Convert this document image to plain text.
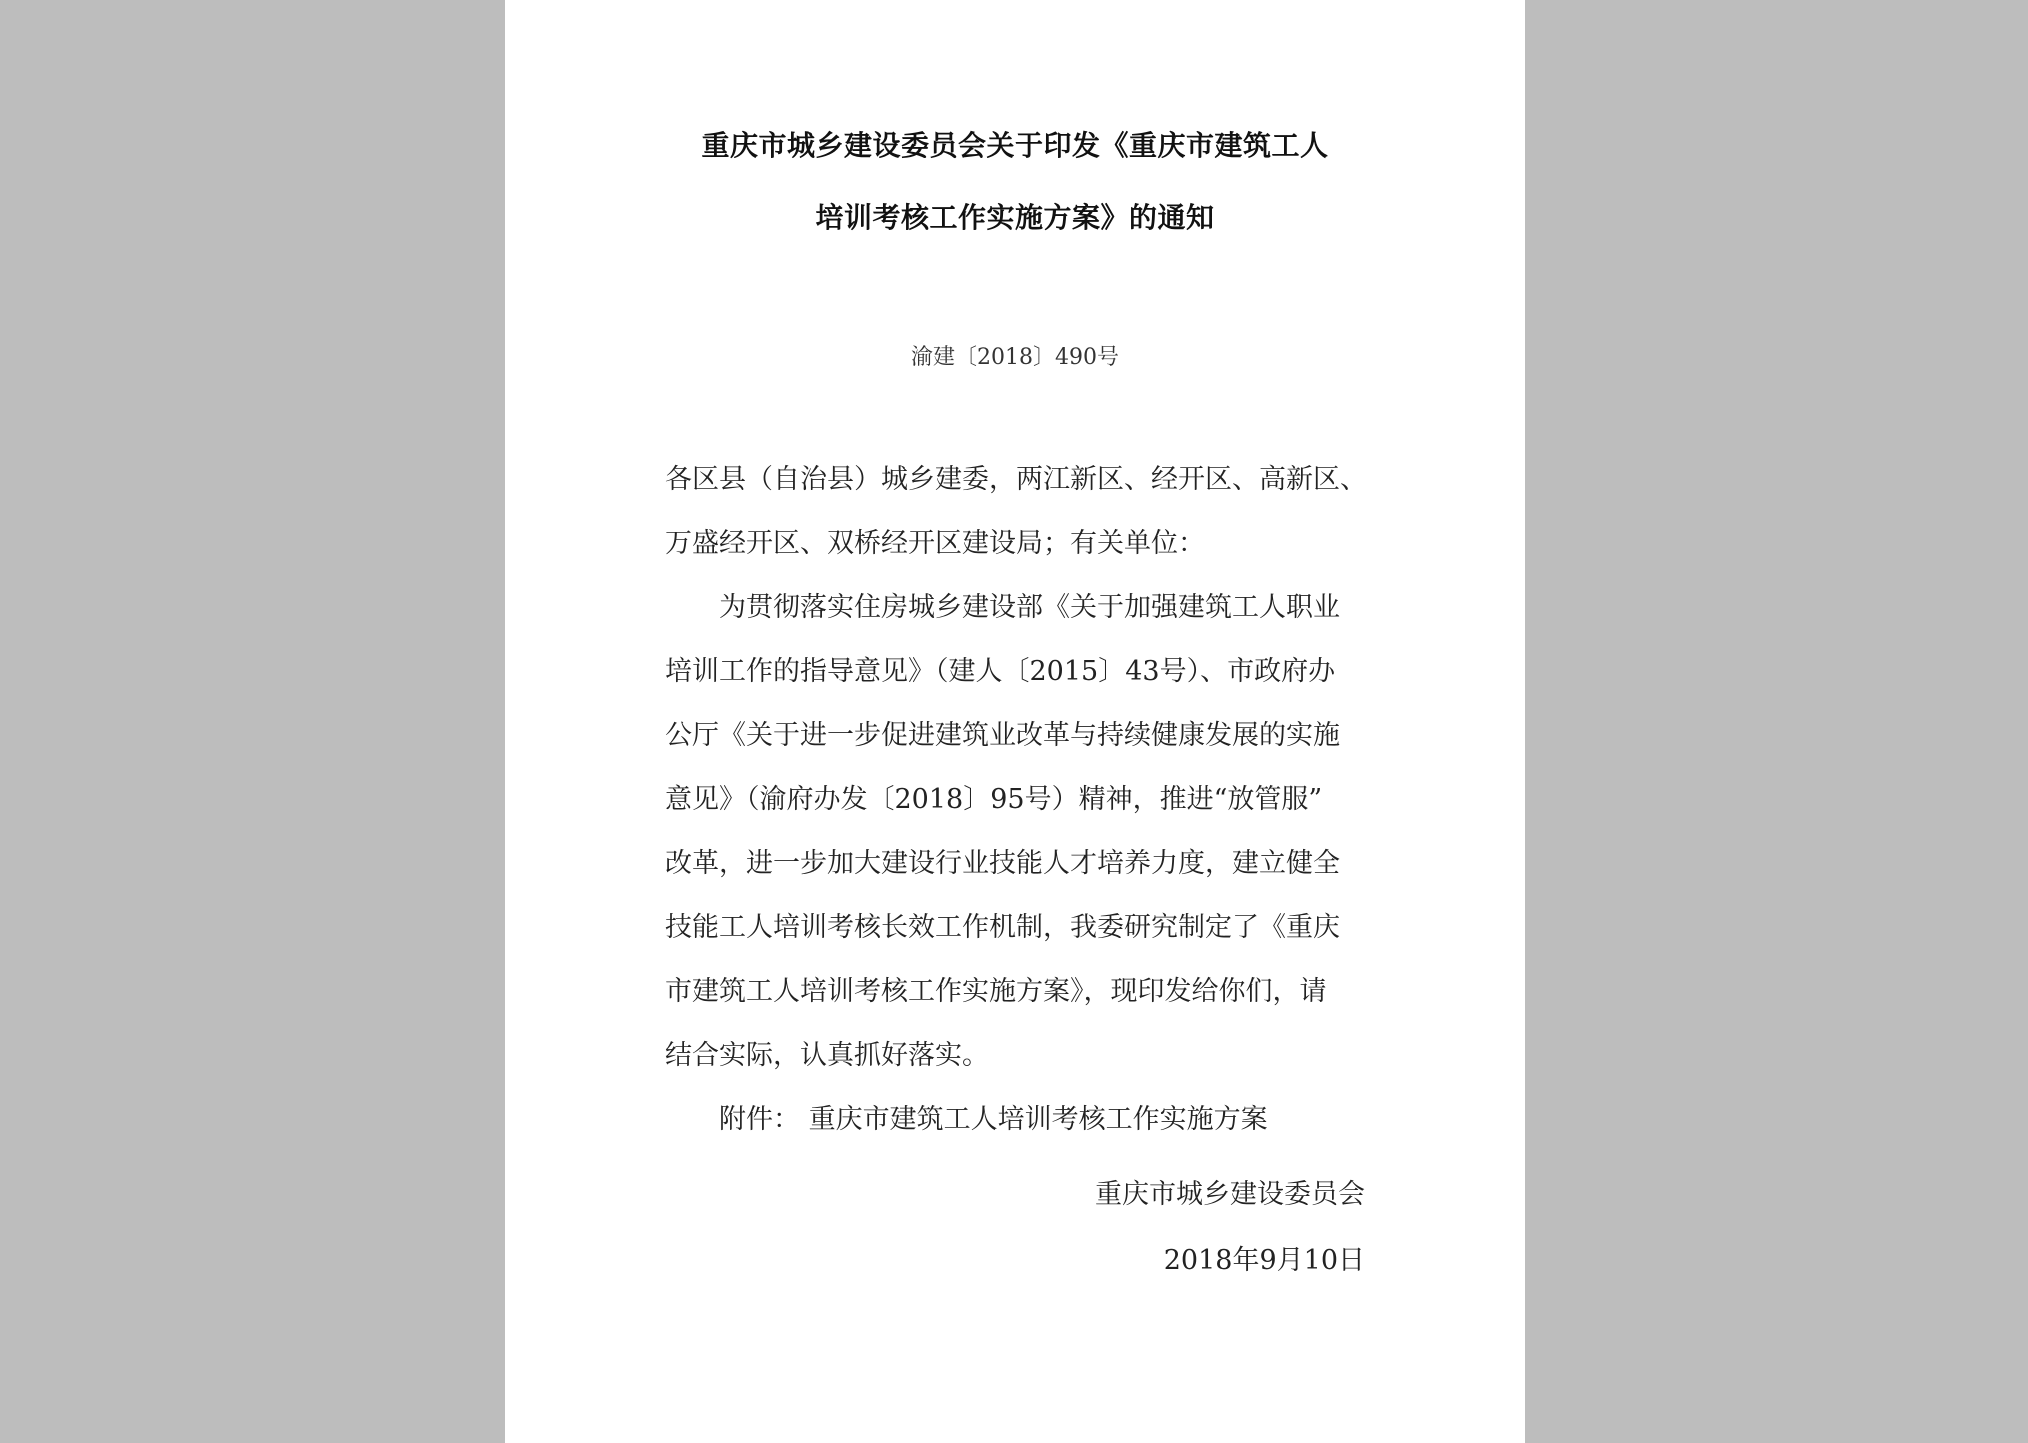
重庆市城乡建设委员会关于印发《重庆市建筑工人
培训考核工作实施方案》的通知
渝建〔2018〕490号
各区县（自治县）城乡建委，两江新区、经开区、高新区、
万盛经开区、双桥经开区建设局；有关单位：
为贯彻落实住房城乡建设部《关于加强建筑工人职业
培训工作的指导意见》（建人〔2015〕43号）、市政府办
公厅《关于进一步促进建筑业改革与持续健康发展的实施
意见》（渝府办发〔2018〕95号）精神，推进“放管服”
改革，进一步加大建设行业技能人才培养力度，建立健全
技能工人培训考核长效工作机制，我委研究制定了《重庆
市建筑工人培训考核工作实施方案》，现印发给你们，请
结合实际，认真抓好落实。
附件： 重庆市建筑工人培训考核工作实施方案
重庆市城乡建设委员会
2018年9月10日
